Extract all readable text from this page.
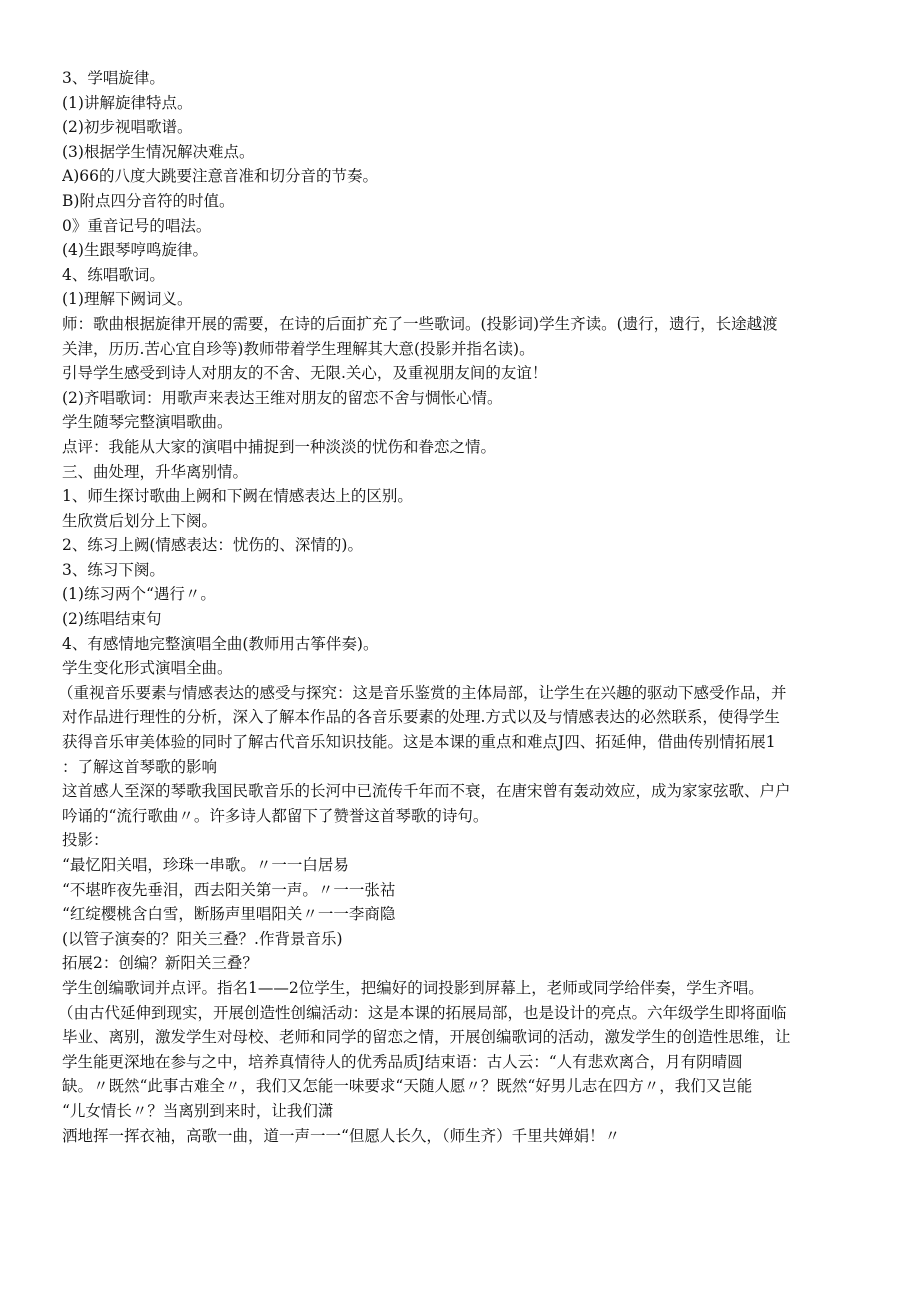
3、学唱旋律。
(1)讲解旋律特点。
(2)初步视唱歌谱。
(3)根据学生情况解决难点。
A)66的八度大跳要注意音准和切分音的节奏。
B)附点四分音符的时值。
0》重音记号的唱法。
(4)生跟琴哼鸣旋律。
4、练唱歌词。
(1)理解下阙词义。
师：歌曲根据旋律开展的需要，在诗的后面扩充了一些歌词。(投影词)学生齐读。(遗行，遗行，长途越渡
关津，历历.苦心宜自珍等)教师带着学生理解其大意(投影并指名读)。
引导学生感受到诗人对朋友的不舍、无限.关心，及重视朋友间的友谊！
(2)齐唱歌词：用歌声来表达王维对朋友的留恋不舍与惆怅心情。
学生随琴完整演唱歌曲。
点评：我能从大家的演唱中捕捉到一种淡淡的忧伤和眷恋之情。
三、曲处理，升华离别情。
1、师生探讨歌曲上阙和下阙在情感表达上的区别。
生欣赏后划分上下阕。
2、练习上阙(情感表达：忧伤的、深情的)。
3、练习下阕。
(1)练习两个“遇行〃。
(2)练唱结束句
4、有感情地完整演唱全曲(教师用古筝伴奏)。
学生变化形式演唱全曲。
（重视音乐要素与情感表达的感受与探究：这是音乐鉴赏的主体局部，让学生在兴趣的驱动下感受作品，并
对作品进行理性的分析，深入了解本作品的各音乐要素的处理.方式以及与情感表达的必然联系，使得学生
获得音乐审美体验的同时了解古代音乐知识技能。这是本课的重点和难点J四、拓延伸，借曲传别情拓展1
：了解这首琴歌的影响
这首感人至深的琴歌我国民歌音乐的长河中已流传千年而不衰，在唐宋曾有轰动效应，成为家家弦歌、户户
吟诵的“流行歌曲〃。许多诗人都留下了赞誉这首琴歌的诗句。
投影：
“最忆阳关唱，珍珠一串歌。〃一一白居易
“不堪昨夜先垂泪，西去阳关第一声。〃一一张祜
“红绽樱桃含白雪，断肠声里唱阳关〃一一李商隐
(以管子演奏的？阳关三叠？.作背景音乐)
拓展2：创编？新阳关三叠？
学生创编歌词并点评。指名1——2位学生，把编好的词投影到屏幕上，老师或同学给伴奏，学生齐唱。
（由古代延伸到现实，开展创造性创编活动：这是本课的拓展局部，也是设计的亮点。六年级学生即将面临
毕业、离别，激发学生对母校、老师和同学的留恋之情，开展创编歌词的活动，激发学生的创造性思维，让
学生能更深地在参与之中，培养真情待人的优秀品质J结束语：古人云：“人有悲欢离合，月有阴晴圆
缺。〃既然“此事古难全〃，我们又怎能一味要求“天随人愿〃？既然“好男儿志在四方〃，我们又岂能
“儿女情长〃？当离别到来时，让我们潇
洒地挥一挥衣袖，高歌一曲，道一声一一“但愿人长久，（师生齐）千里共婵娟！〃
